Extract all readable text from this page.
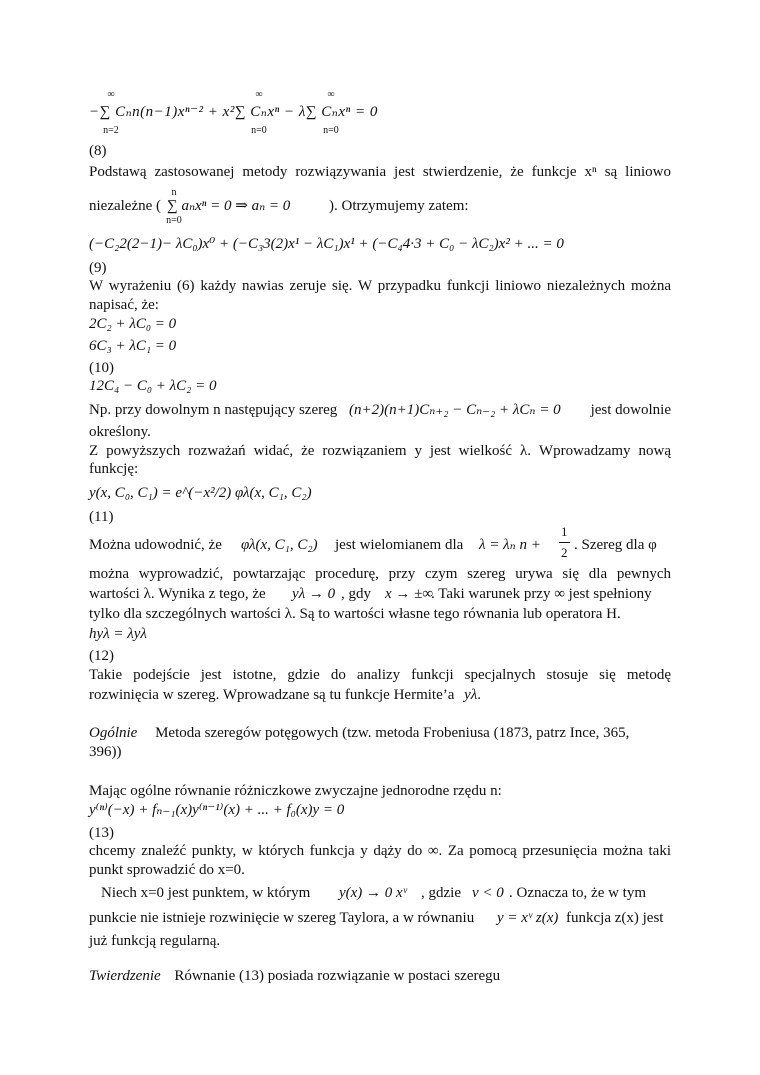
∞	∞	∞
−∑ Cₙn(n−1)xⁿ⁻² + x²∑ Cₙxⁿ − λ∑ Cₙxⁿ = 0
n=2	n=0	n=0
(8)
Podstawą zastosowanej metody rozwiązywania jest stwierdzenie, że funkcje xⁿ są liniowo
n
niezależne ( ∑ aₙxⁿ = 0 ⇒ aₙ = 0	). Otrzymujemy zatem:
n=0
(−C₂2(2−1)− λC₀)x⁰ + (−C₃3(2)x¹ − λC₁)x¹ + (−C₄4·3 + C₀ − λC₂)x² + ... = 0
(9)
W wyrażeniu (6) każdy nawias zeruje się. W przypadku funkcji liniowo niezależnych można
napisać, że:
2C₂ + λC₀ = 0
6C₃ + λC₁ = 0
(10)
12C₄ − C₀ + λC₂ = 0
Np. przy dowolnym n następujący szereg (n+2)(n+1)Cₙ₊₂ − Cₙ₋₂ + λCₙ = 0 jest dowolnie
określony.
Z powyższych rozważań widać, że rozwiązaniem y jest wielkość λ. Wprowadzamy nową
funkcję:
y(x, C₀, C₁) = e^(−x²/2) φλ(x, C₁, C₂)
(11)
Można udowodnić, że φλ(x, C₁, C₂) jest wielomianem dla λ = λₙ n +
1
2 . Szereg dla φ
można wyprowadzić, powtarzając procedurę, przy czym szereg urywa się dla pewnych
wartości λ. Wynika z tego, że yλ → 0 , gdy x → ±∞
. Taki warunek przy ∞ jest spełniony
tylko dla szczególnych wartości λ. Są to wartości własne tego równania lub operatora H.
hyλ = λyλ
(12)
Takie podejście jest istotne, gdzie do analizy funkcji specjalnych stosuje się metodę
rozwinięcia w szereg. Wprowadzane są tu funkcje Hermite’a yλ.
Ogólnie Metoda szeregów potęgowych (tzw. metoda Frobeniusa (1873, patrz Ince, 365,
396))
Mając ogólne równanie różniczkowe zwyczajne jednorodne rzędu n:
y⁽ⁿ⁾(−x) + fₙ₋₁(x)y⁽ⁿ⁻¹⁾(x) + ... + f₀(x)y = 0
(13)
chcemy znaleźć punkty, w których funkcja y dąży do ∞. Za pomocą przesunięcia można taki
punkt sprowadzić do x=0.
Niech x=0 jest punktem, w którym y(x) → 0 xᵛ , gdzie ν < 0 . Oznacza to, że w tym
punkcie nie istnieje rozwinięcie w szereg Taylora, a w równaniu y = xᵛ z(x) funkcja z(x) jest
już funkcją regularną.
Twierdzenie Równanie (13) posiada rozwiązanie w postaci szeregu
